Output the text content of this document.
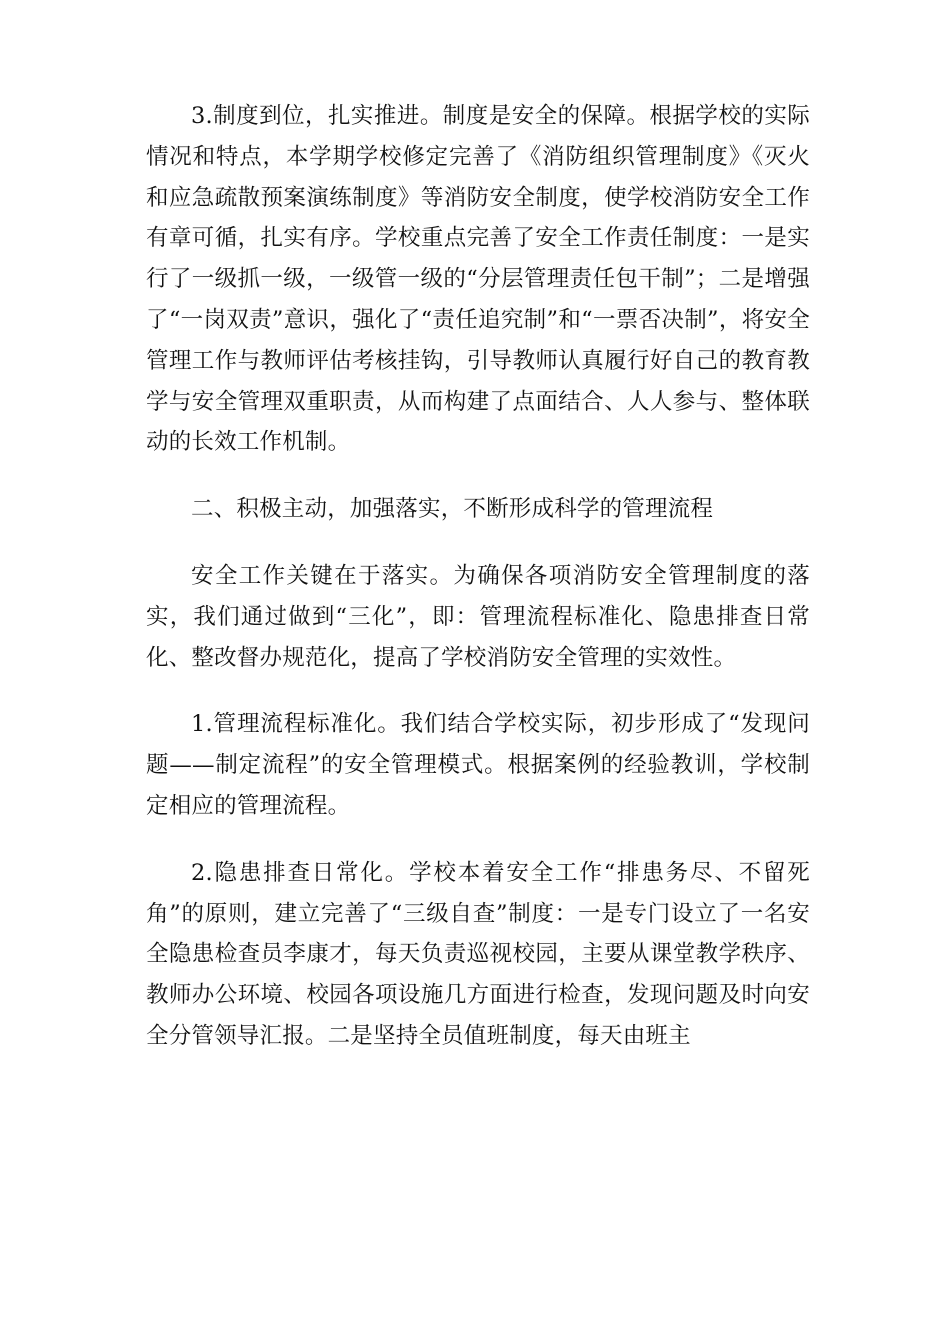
3.制度到位，扎实推进。制度是安全的保障。根据学校的实际情况和特点，本学期学校修定完善了《消防组织管理制度》《灭火和应急疏散预案演练制度》等消防安全制度，使学校消防安全工作有章可循，扎实有序。学校重点完善了安全工作责任制度：一是实行了一级抓一级，一级管一级的“分层管理责任包干制”；二是增强了“一岗双责”意识，强化了“责任追究制”和“一票否决制”，将安全管理工作与教师评估考核挂钩，引导教师认真履行好自己的教育教学与安全管理双重职责，从而构建了点面结合、人人参与、整体联动的长效工作机制。

二、积极主动，加强落实，不断形成科学的管理流程

安全工作关键在于落实。为确保各项消防安全管理制度的落实，我们通过做到“三化”，即：管理流程标准化、隐患排查日常化、整改督办规范化，提高了学校消防安全管理的实效性。

1.管理流程标准化。我们结合学校实际，初步形成了“发现问题——制定流程”的安全管理模式。根据案例的经验教训，学校制定相应的管理流程。

2.隐患排查日常化。学校本着安全工作“排患务尽、不留死角”的原则，建立完善了“三级自查”制度：一是专门设立了一名安全隐患检查员李康才，每天负责巡视校园，主要从课堂教学秩序、教师办公环境、校园各项设施几方面进行检查，发现问题及时向安全分管领导汇报。二是坚持全员值班制度，每天由班主
